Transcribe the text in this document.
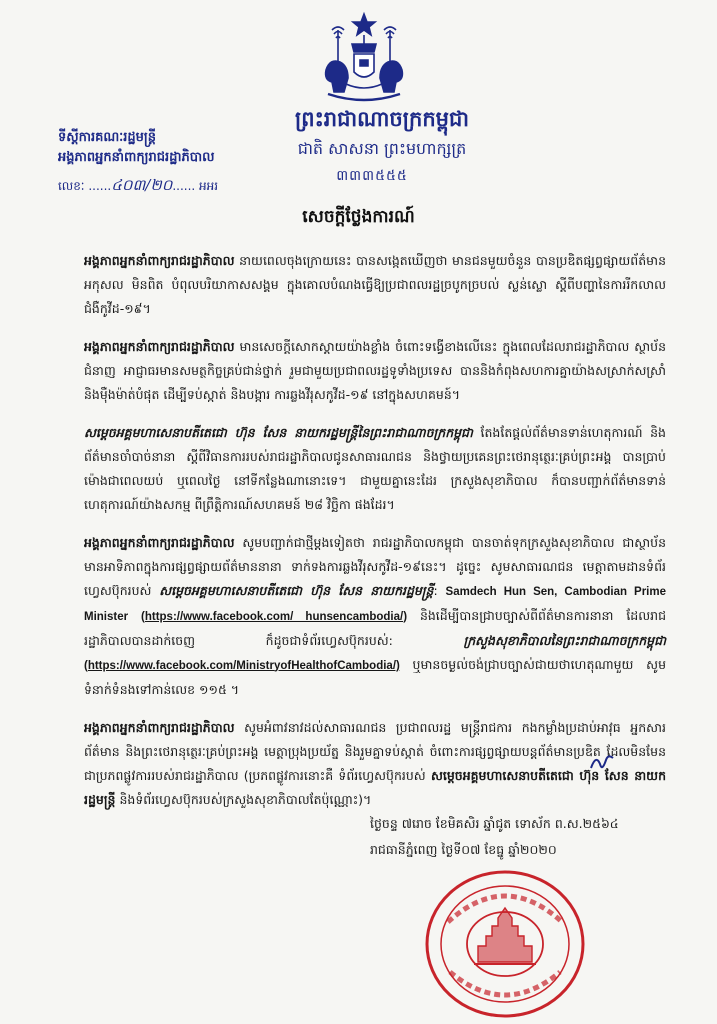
ព្រះរាជាណាចក្រកម្ពុជា
ជាតិ សាសនា ព្រះមហាក្សត្រ
៣៣៣៥៥៥
ទីស្ដីការគណៈរដ្ឋមន្ត្រី
អង្គភាពអ្នកនាំពាក្យរាជរដ្ឋាភិបាល
លេខៈ ......៤០៣/២០...... អអរ
សេចក្ដីថ្លែងការណ៍

អង្គភាពអ្នកនាំពាក្យរាជរដ្ឋាភិបាល នាយពេលចុងក្រោយនេះ បានសង្កេតឃើញថា មានជនមួយចំនួន បានប្រឌិតផ្សព្វផ្សាយព័ត៌មានអកុសល មិនពិត បំពុលបរិយាកាសសង្គម ក្នុងគោលបំណងធ្វើឱ្យប្រជាពលរដ្ឋច្របូកច្របល់ ស្លន់ស្លោ ស្ដីពីបញ្ហានៃការរីកលាលជំងឺកូវីដ-១៩។

អង្គភាពអ្នកនាំពាក្យរាជរដ្ឋាភិបាល មានសេចក្ដីសោកស្ដាយយ៉ាងខ្លាំង ចំពោះទង្វើខាងលើនេះ ក្នុងពេលដែលរាជរដ្ឋាភិបាល ស្ថាប័នជំនាញ អាជ្ញាធរមានសមត្ថកិច្ចគ្រប់ជាន់ថ្នាក់ រួមជាមួយប្រជាពលរដ្ឋទូទាំងប្រទេស បាននិងកំពុងសហការគ្នាយ៉ាងសស្រាក់សស្រាំ និងម៉ឺងម៉ាត់បំផុត ដើម្បីទប់ស្កាត់ និងបង្ការ ការឆ្លងវីរុសកូវីដ-១៩ នៅក្នុងសហគមន៍។

សម្ដេចអគ្គមហាសេនាបតីតេជោ ហ៊ុន សែន នាយករដ្ឋមន្ត្រីនៃព្រះរាជាណាចក្រកម្ពុជា តែងតែផ្ដល់ព័ត៌មានទាន់ហេតុការណ៍ និងព័ត៌មានចាំបាច់នានា ស្ដីពីវិធានការរបស់រាជរដ្ឋាភិបាលជូនសាធារណជន និងថ្វាយប្រគេនព្រះថេរានុត្ថេរៈគ្រប់ព្រះអង្គ បានប្រាប់ម៉ោងជាពេលយប់ ឬពេលថ្ងៃ នៅទីកន្លែងណានោះទេ។ ជាមួយគ្នានេះដែរ ក្រសួងសុខាភិបាល ក៏បានបញ្ជាក់ព័ត៌មានទាន់ហេតុការណ៍យ៉ាងសកម្ម ពីព្រឹត្តិការណ៍សហគមន៍ ២៨ វិច្ឆិកា ផងដែរ។

អង្គភាពអ្នកនាំពាក្យរាជរដ្ឋាភិបាល សូមបញ្ជាក់ជាថ្មីម្ដងទៀតថា រាជរដ្ឋាភិបាលកម្ពុជា បានចាត់ទុកក្រសួងសុខាភិបាល ជាស្ថាប័នមានអាទិភាពក្នុងការផ្សព្វផ្សាយព័ត៌មាននានា ទាក់ទងការឆ្លងវីរុសកូវីដ-១៩នេះ។ ដូច្នេះ សូមសាធារណជន មេត្តាតាមដានទំព័រហ្វេសប៊ុករបស់ សម្ដេចអគ្គមហាសេនាបតីតេជោ ហ៊ុន សែន នាយករដ្ឋមន្ត្រី: Samdech Hun Sen, Cambodian Prime Minister (https://www.facebook.com/ hunsencambodia/) និងដើម្បីបានជ្រាបច្បាស់ពីព័ត៌មានការនានា ដែលរាជរដ្ឋាភិបាលបានដាក់ចេញ ក៏ដូចជាទំព័រហ្វេសប៊ុករបស់: ក្រសួងសុខាភិបាលនៃព្រះរាជាណាចក្រកម្ពុជា (https://www.facebook.com/MinistryofHealthofCambodia/) ឬមានចម្ងល់ចង់ជ្រាបច្បាស់ជាយថាហេតុណាមួយ សូមទំនាក់ទំនងទៅកាន់លេខ ១១៥ ។

អង្គភាពអ្នកនាំពាក្យរាជរដ្ឋាភិបាល សូមអំពាវនាវដល់សាធារណជន ប្រជាពលរដ្ឋ មន្ត្រីរាជការ កងកម្លាំងប្រដាប់អាវុធ អ្នកសារព័ត៌មាន និងព្រះថេរានុត្ថេរៈគ្រប់ព្រះអង្គ មេត្តាប្រុងប្រយ័ត្ន និងរួមគ្នាទប់ស្កាត់ ចំពោះការផ្សព្វផ្សាយបន្តព័ត៌មានប្រឌិត ដែលមិនមែនជាប្រភពផ្លូវការរបស់រាជរដ្ឋាភិបាល (ប្រភពផ្លូវការនោះគឺ ទំព័រហ្វេសប៊ុករបស់ សម្ដេចអគ្គមហាសេនាបតីតេជោ ហ៊ុន សែន នាយករដ្ឋមន្ត្រី និងទំព័រហ្វេសប៊ុករបស់ក្រសួងសុខាភិបាលតែប៉ុណ្ណោះ)។

ថ្ងៃចន្ទ ៧រោច ខែមិគសិរ ឆ្នាំជូត ទោស័ក ព.ស.២៥៦៤
រាជធានីភ្នំពេញ ថ្ងៃទី០៧ ខែធ្នូ ឆ្នាំ២០២០
